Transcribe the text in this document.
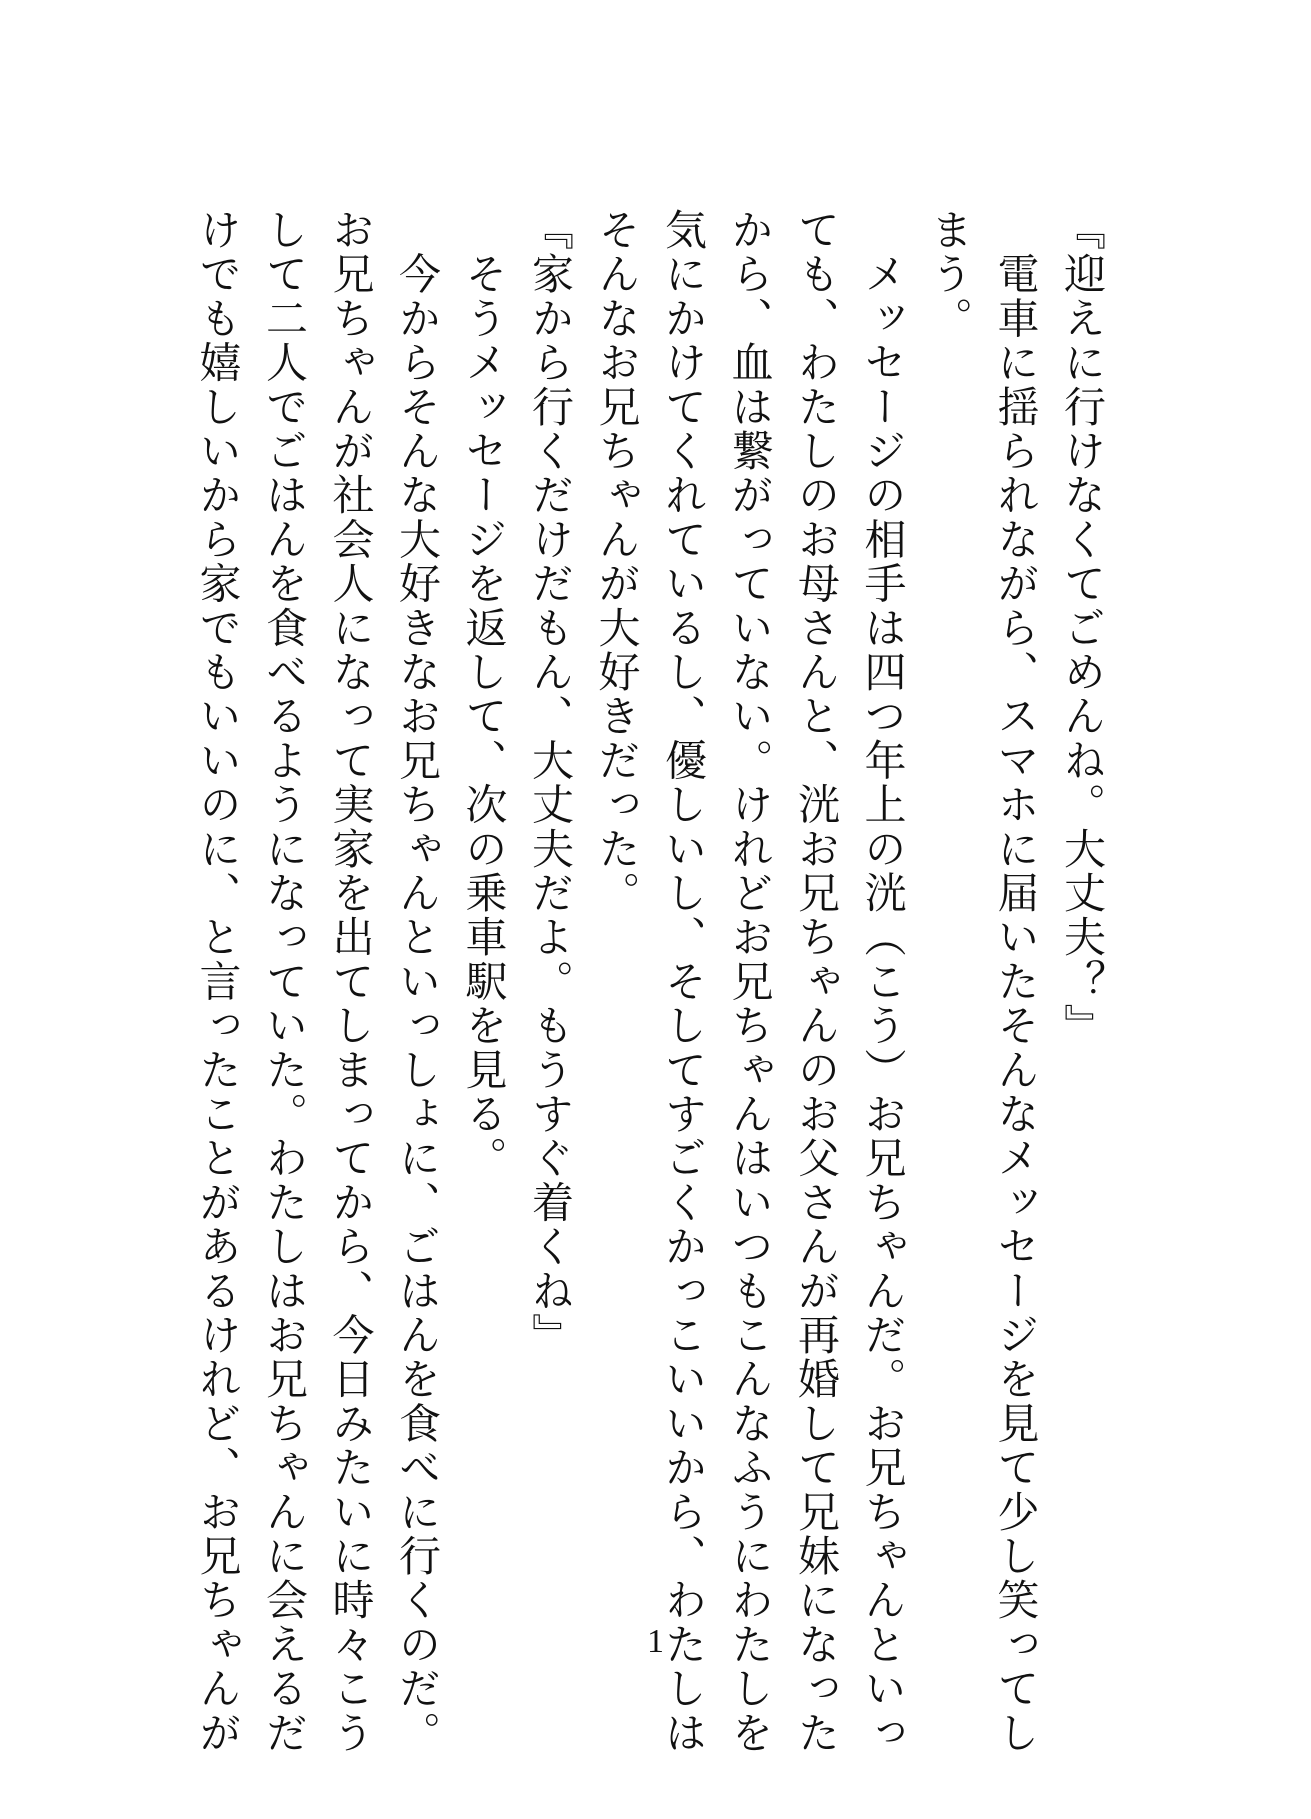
『迎えに行けなくてごめんね。大丈夫？』
　電車に揺られながら、スマホに届いたそんなメッセージを見て少し笑ってし
まう。
　メッセージの相手は四つ年上の洸（こう）お兄ちゃんだ。お兄ちゃんといっ
ても、わたしのお母さんと、洸お兄ちゃんのお父さんが再婚して兄妹になった
から、血は繋がっていない。けれどお兄ちゃんはいつもこんなふうにわたしを
気にかけてくれているし、優しいし、そしてすごくかっこいいから、わたしは
そんなお兄ちゃんが大好きだった。
『家から行くだけだもん、大丈夫だよ。もうすぐ着くね』
　そうメッセージを返して、次の乗車駅を見る。
　今からそんな大好きなお兄ちゃんといっしょに、ごはんを食べに行くのだ。
お兄ちゃんが社会人になって実家を出てしまってから、今日みたいに時々こう
して二人でごはんを食べるようになっていた。わたしはお兄ちゃんに会えるだ
けでも嬉しいから家でもいいのに、と言ったことがあるけれど、お兄ちゃんが	1
